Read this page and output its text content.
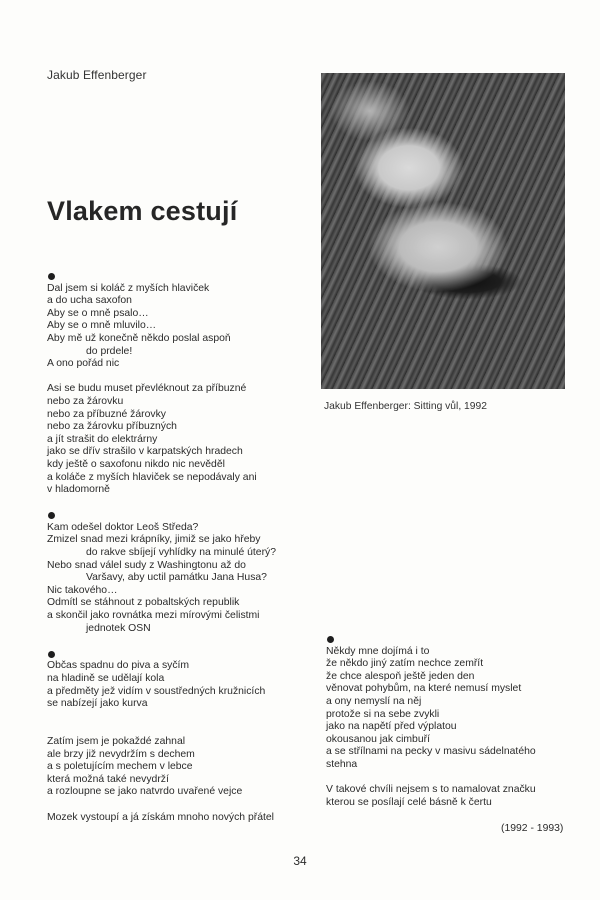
Jakub Effenberger
Vlakem cestují
Jakub Effenberger: Sitting vůl, 1992
Dal jsem si koláč z myších hlaviček
a do ucha saxofon
Aby se o mně psalo…
Aby se o mně mluvilo…
Aby mě už konečně někdo poslal aspoň
do prdele!
A ono pořád nic
Asi se budu muset převléknout za příbuzné
nebo za žárovku
nebo za příbuzné žárovky
nebo za žárovku příbuzných
a jít strašit do elektrárny
jako se dřív strašilo v karpatských hradech
kdy ještě o saxofonu nikdo nic nevěděl
a koláče z myších hlaviček se nepodávaly ani
v hladomorně
Kam odešel doktor Leoš Středa?
Zmizel snad mezi krápníky, jimiž se jako hřeby
do rakve sbíjejí vyhlídky na minulé úterý?
Nebo snad válel sudy z Washingtonu až do
Varšavy, aby uctil památku Jana Husa?
Nic takového…
Odmítl se stáhnout z pobaltských republik
a skončil jako rovnátka mezi mírovými čelistmi
jednotek OSN
Občas spadnu do piva a syčím
na hladině se udělají kola
a předměty jež vidím v soustředných kružnicích
se nabízejí jako kurva
Zatím jsem je pokaždé zahnal
ale brzy již nevydržím s dechem
a s poletujícím mechem v lebce
která možná také nevydrží
a rozloupne se jako natvrdo uvařené vejce
Mozek vystoupí a já získám mnoho nových přátel
Někdy mne dojímá i to
že někdo jiný zatím nechce zemřít
že chce alespoň ještě jeden den
věnovat pohybům, na které nemusí myslet
a ony nemyslí na něj
protože si na sebe zvykli
jako na napětí před výplatou
okousanou jak cimbuří
a se střílnami na pecky v masivu sádelnatého
stehna
V takové chvíli nejsem s to namalovat značku
kterou se posílají celé básně k čertu
(1992 - 1993)
34
